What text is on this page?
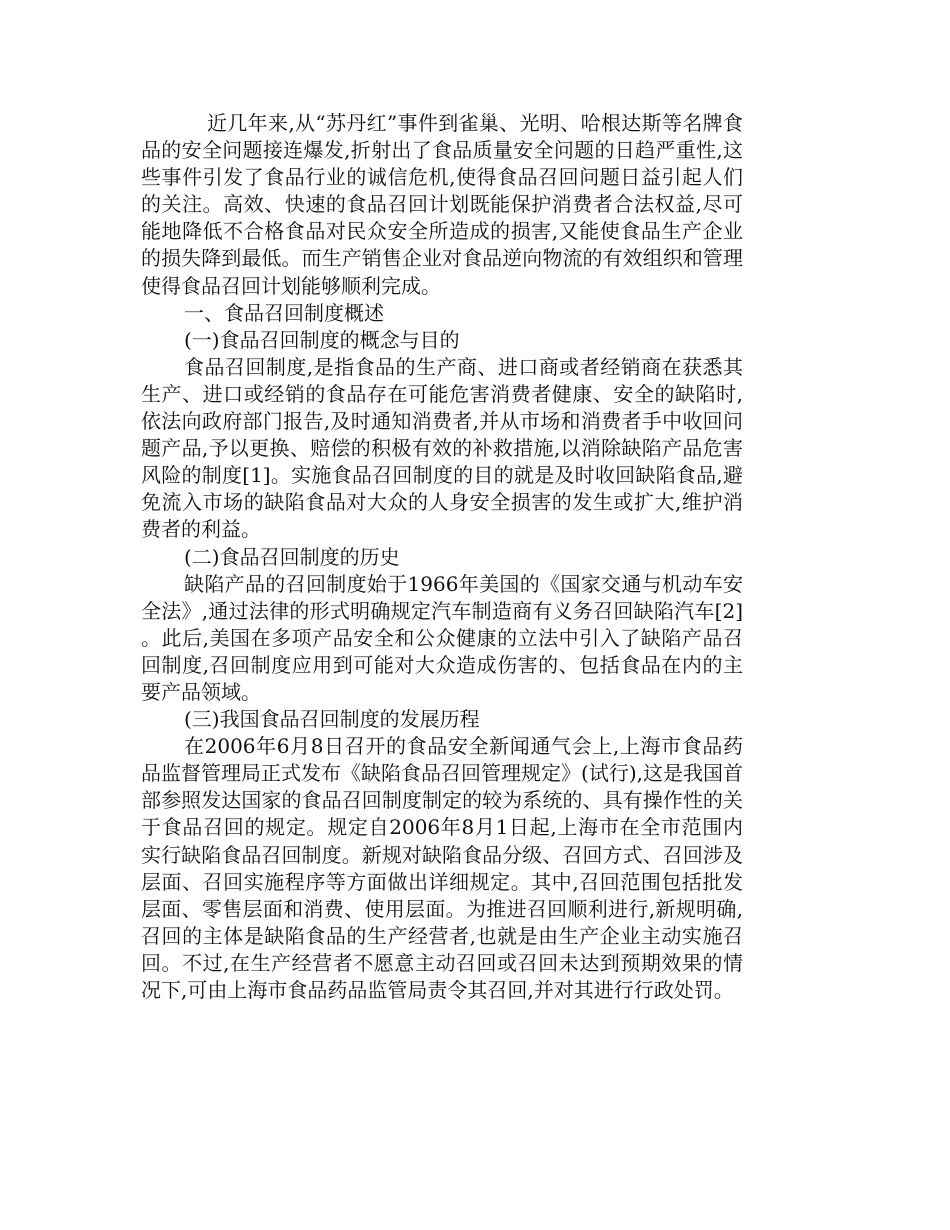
近几年来,从“苏丹红”事件到雀巢、光明、哈根达斯等名牌食品的安全问题接连爆发,折射出了食品质量安全问题的日趋严重性,这些事件引发了食品行业的诚信危机,使得食品召回问题日益引起人们的关注。高效、快速的食品召回计划既能保护消费者合法权益,尽可能地降低不合格食品对民众安全所造成的损害,又能使食品生产企业的损失降到最低。而生产销售企业对食品逆向物流的有效组织和管理使得食品召回计划能够顺利完成。

一、食品召回制度概述

(一)食品召回制度的概念与目的

食品召回制度,是指食品的生产商、进口商或者经销商在获悉其生产、进口或经销的食品存在可能危害消费者健康、安全的缺陷时,依法向政府部门报告,及时通知消费者,并从市场和消费者手中收回问题产品,予以更换、赔偿的积极有效的补救措施,以消除缺陷产品危害风险的制度[1]。实施食品召回制度的目的就是及时收回缺陷食品,避免流入市场的缺陷食品对大众的人身安全损害的发生或扩大,维护消费者的利益。

(二)食品召回制度的历史

缺陷产品的召回制度始于1966年美国的《国家交通与机动车安全法》,通过法律的形式明确规定汽车制造商有义务召回缺陷汽车[2]。此后,美国在多项产品安全和公众健康的立法中引入了缺陷产品召回制度,召回制度应用到可能对大众造成伤害的、包括食品在内的主要产品领域。

(三)我国食品召回制度的发展历程

在2006年6月8日召开的食品安全新闻通气会上,上海市食品药品监督管理局正式发布《缺陷食品召回管理规定》(试行),这是我国首部参照发达国家的食品召回制度制定的较为系统的、具有操作性的关于食品召回的规定。规定自2006年8月1日起,上海市在全市范围内实行缺陷食品召回制度。新规对缺陷食品分级、召回方式、召回涉及层面、召回实施程序等方面做出详细规定。其中,召回范围包括批发层面、零售层面和消费、使用层面。为推进召回顺利进行,新规明确,召回的主体是缺陷食品的生产经营者,也就是由生产企业主动实施召回。不过,在生产经营者不愿意主动召回或召回未达到预期效果的情况下,可由上海市食品药品监管局责令其召回,并对其进行行政处罚。
